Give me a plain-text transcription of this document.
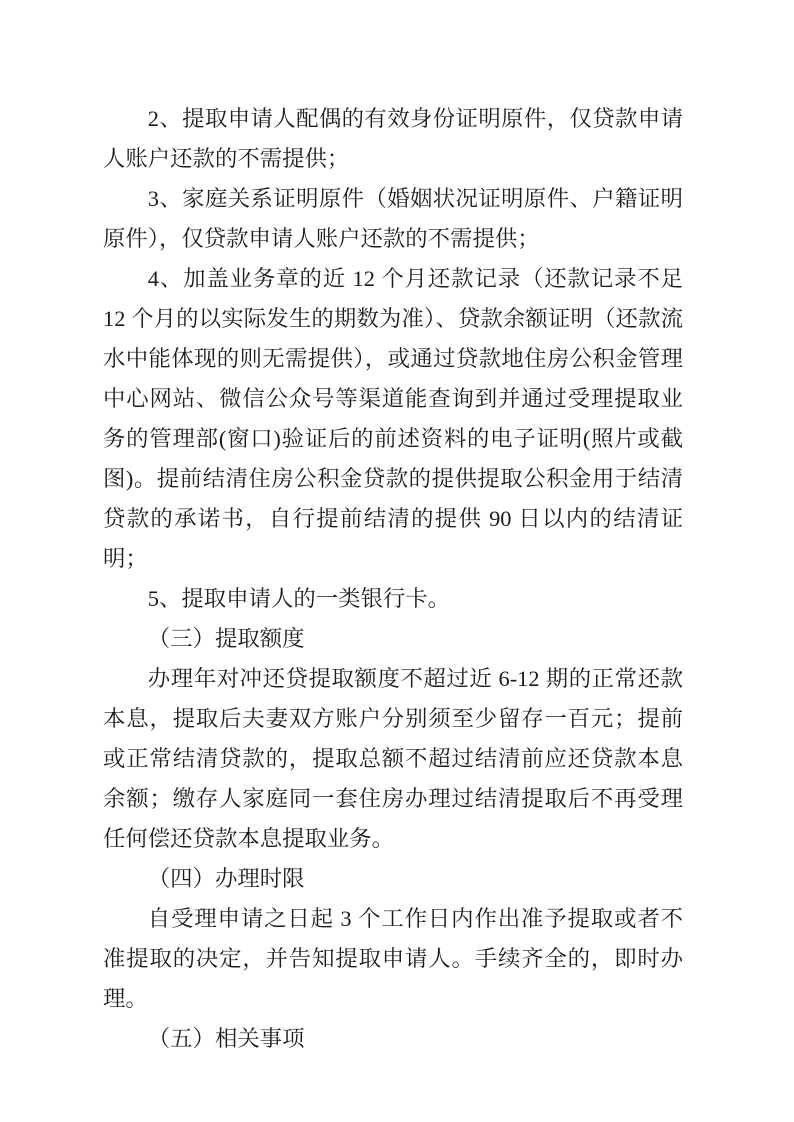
2、提取申请人配偶的有效身份证明原件，仅贷款申请人账户还款的不需提供；

3、家庭关系证明原件（婚姻状况证明原件、户籍证明原件），仅贷款申请人账户还款的不需提供；

4、加盖业务章的近 12 个月还款记录（还款记录不足 12 个月的以实际发生的期数为准）、贷款余额证明（还款流水中能体现的则无需提供），或通过贷款地住房公积金管理中心网站、微信公众号等渠道能查询到并通过受理提取业务的管理部(窗口)验证后的前述资料的电子证明(照片或截图)。提前结清住房公积金贷款的提供提取公积金用于结清贷款的承诺书，自行提前结清的提供 90 日以内的结清证明；

5、提取申请人的一类银行卡。

（三）提取额度

办理年对冲还贷提取额度不超过近 6-12 期的正常还款本息，提取后夫妻双方账户分别须至少留存一百元；提前或正常结清贷款的，提取总额不超过结清前应还贷款本息余额；缴存人家庭同一套住房办理过结清提取后不再受理任何偿还贷款本息提取业务。

（四）办理时限

自受理申请之日起 3 个工作日内作出准予提取或者不准提取的决定，并告知提取申请人。手续齐全的，即时办理。

（五）相关事项
